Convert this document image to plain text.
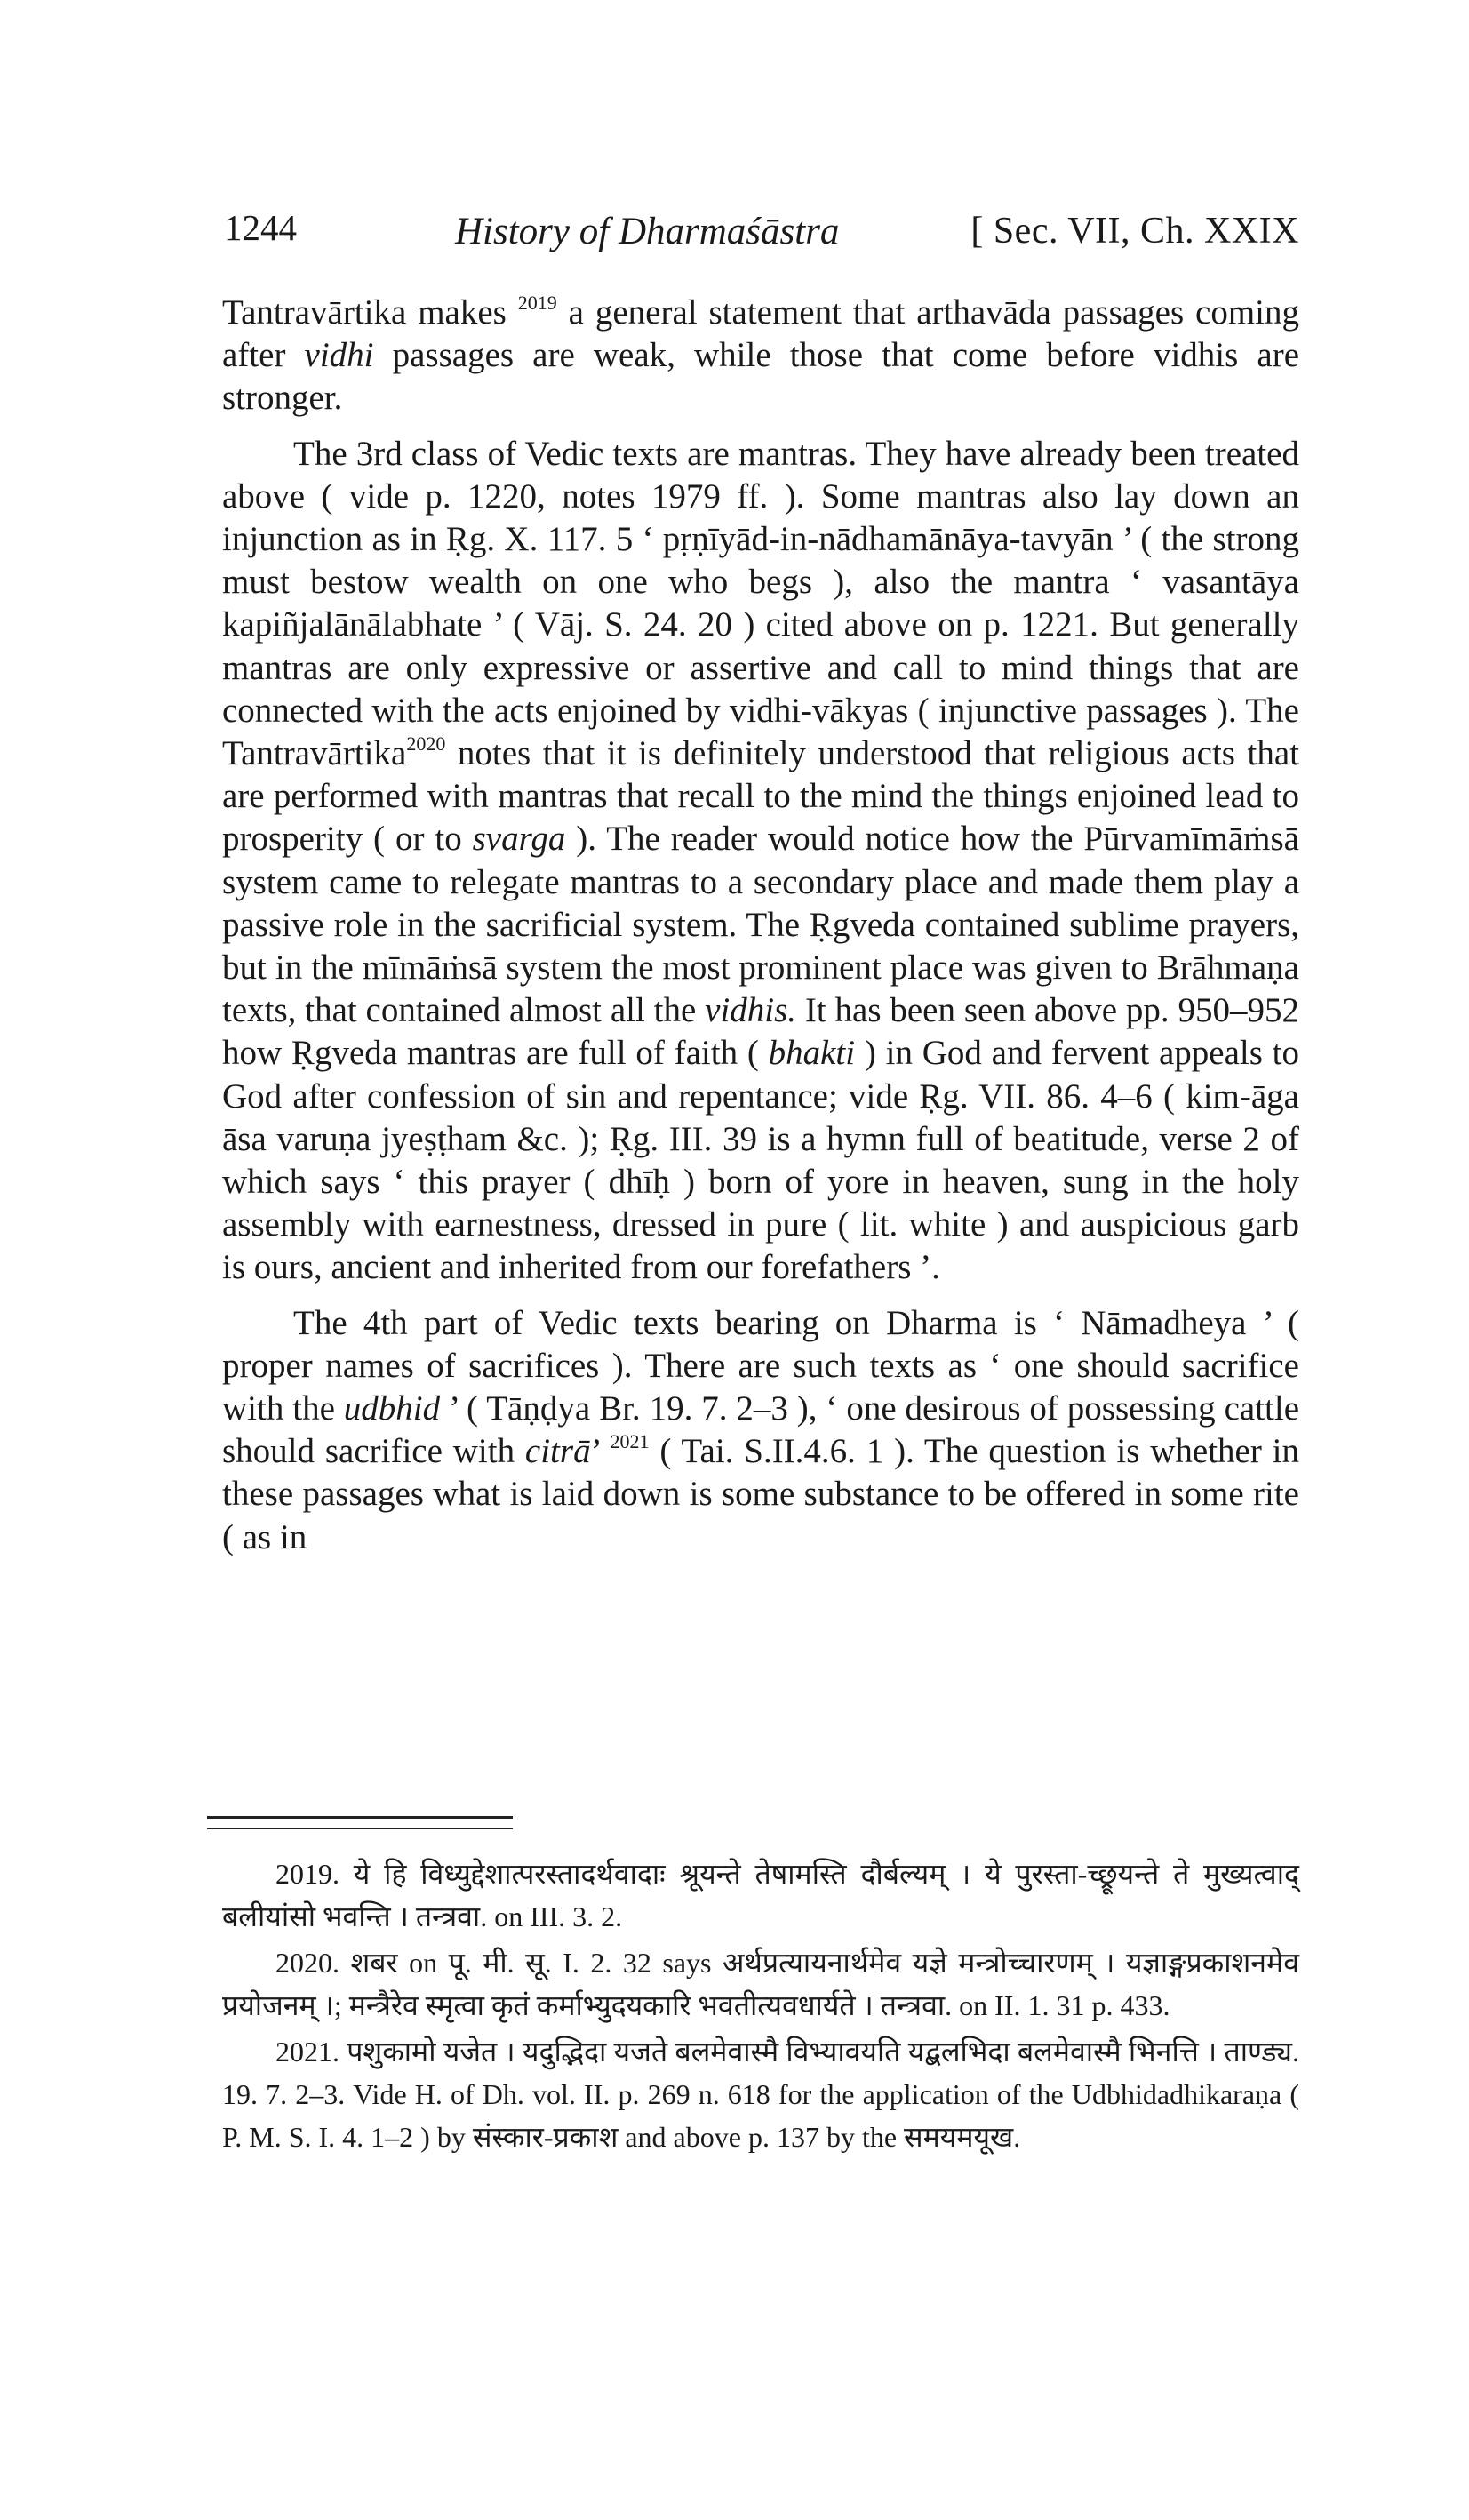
1244	History of Dharmaśāstra	[ Sec. VII, Ch. XXIX

Tantravārtika makes $^{2019}$ a general statement that arthavāda passages coming after vidhi passages are weak, while those that come before vidhis are stronger.

The 3rd class of Vedic texts are mantras. They have already been treated above ( vide p. 1220, notes 1979 ff. ). Some mantras also lay down an injunction as in Ṛg. X. 117. 5 ‘ pṛṇīyād-in-nādhamānāya-tavyān ’ ( the strong must bestow wealth on one who begs ), also the mantra ‘ vasantāya kapiñjalānālabhate ’ ( Vāj. S. 24. 20 ) cited above on p. 1221. But generally mantras are only expressive or assertive and call to mind things that are connected with the acts enjoined by vidhi-vākyas ( injunctive passages ). The Tantravārtika$^{2020}$ notes that it is definitely understood that religious acts that are performed with mantras that recall to the mind the things enjoined lead to prosperity ( or to svarga ). The reader would notice how the Pūrvamīmāṁsā system came to relegate mantras to a secondary place and made them play a passive role in the sacrificial system. The Ṛgveda contained sublime prayers, but in the mīmāṁsā system the most prominent place was given to Brāhmaṇa texts, that contained almost all the vidhis. It has been seen above pp. 950–952 how Ṛgveda mantras are full of faith ( bhakti ) in God and fervent appeals to God after confession of sin and repentance; vide Ṛg. VII. 86. 4–6 ( kim-āga āsa varuṇa jyeṣṭham &c. ); Ṛg. III. 39 is a hymn full of beatitude, verse 2 of which says ‘ this prayer ( dhīḥ ) born of yore in heaven, sung in the holy assembly with earnestness, dressed in pure ( lit. white ) and auspicious garb is ours, ancient and inherited from our forefathers ’.

The 4th part of Vedic texts bearing on Dharma is ‘ Nāmadheya ’ ( proper names of sacrifices ). There are such texts as ‘ one should sacrifice with the udbhid ’ ( Tāṇḍya Br. 19. 7. 2–3 ), ‘ one desirous of possessing cattle should sacrifice with citrā’ $^{2021}$ ( Tai. S.II.4.6. 1 ). The question is whether in these passages what is laid down is some substance to be offered in some rite ( as in

2019. ये हि विध्युद्देशात्परस्तादर्थवादाः श्रूयन्ते तेषामस्ति दौर्बल्यम् । ये पुरस्ता-च्छ्रूयन्ते ते मुख्यत्वाद् बलीयांसो भवन्ति । तन्त्रवा. on III. 3. 2.

2020. शबर on पू. मी. सू. I. 2. 32 says अर्थप्रत्यायनार्थमेव यज्ञे मन्त्रोच्चारणम् । यज्ञाङ्गप्रकाशनमेव प्रयोजनम् ।; मन्त्रैरेव स्मृत्वा कृतं कर्माभ्युदयकारि भवतीत्यवधार्यते । तन्त्रवा. on II. 1. 31 p. 433.

2021. पशुकामो यजेत । यदुद्भिदा यजते बलमेवास्मै विभ्यावयति यद्बलभिदा बलमेवास्मै भिनत्ति । ताण्ड्य. 19. 7. 2–3. Vide H. of Dh. vol. II. p. 269 n. 618 for the application of the Udbhidadhikaraṇa ( P. M. S. I. 4. 1–2 ) by संस्कार-प्रकाश and above p. 137 by the समयमयूख.
